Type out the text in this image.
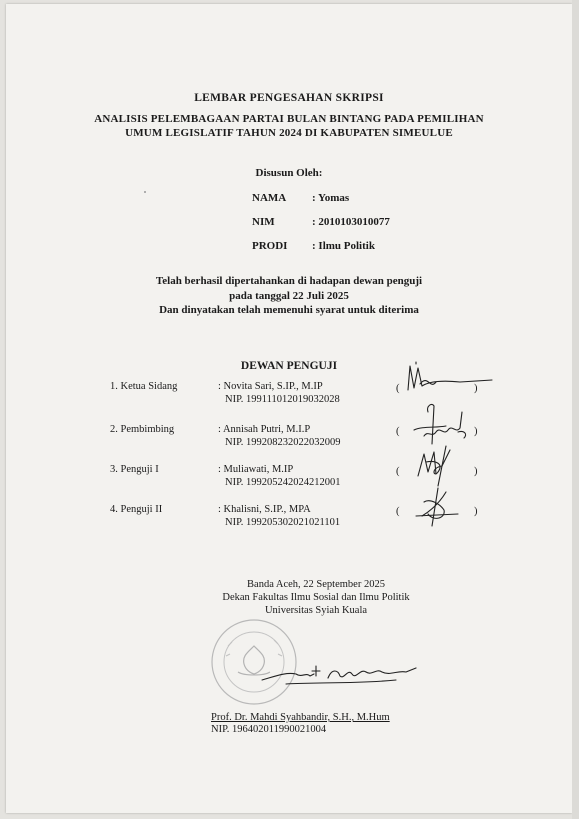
LEMBAR PENGESAHAN SKRIPSI
ANALISIS PELEMBAGAAN PARTAI BULAN BINTANG PADA PEMILIHAN UMUM LEGISLATIF TAHUN 2024 DI KABUPATEN SIMEULUE
Disusun Oleh:
NAMA	: Yomas
NIM	: 2010103010077
PRODI	: Ilmu Politik
Telah berhasil dipertahankan di hadapan dewan penguji
pada tanggal 22 Juli 2025
Dan dinyatakan telah memenuhi syarat untuk diterima
DEWAN PENGUJI
1. Ketua Sidang	: Novita Sari, S.IP., M.IP
NIP. 199111012019032028
(	)
2. Pembimbing	: Annisah Putri, M.I.P
NIP. 199208232022032009
(	)
3. Penguji I	: Muliawati, M.IP
NIP. 199205242024212001
(	)
4. Penguji II	: Khalisni, S.IP., MPA
NIP. 199205302021021101
(	)
Banda Aceh, 22 September 2025
Dekan Fakultas Ilmu Sosial dan Ilmu Politik
Universitas Syiah Kuala
Prof. Dr. Mahdi Syahbandir, S.H., M.Hum
NIP. 196402011990021004
